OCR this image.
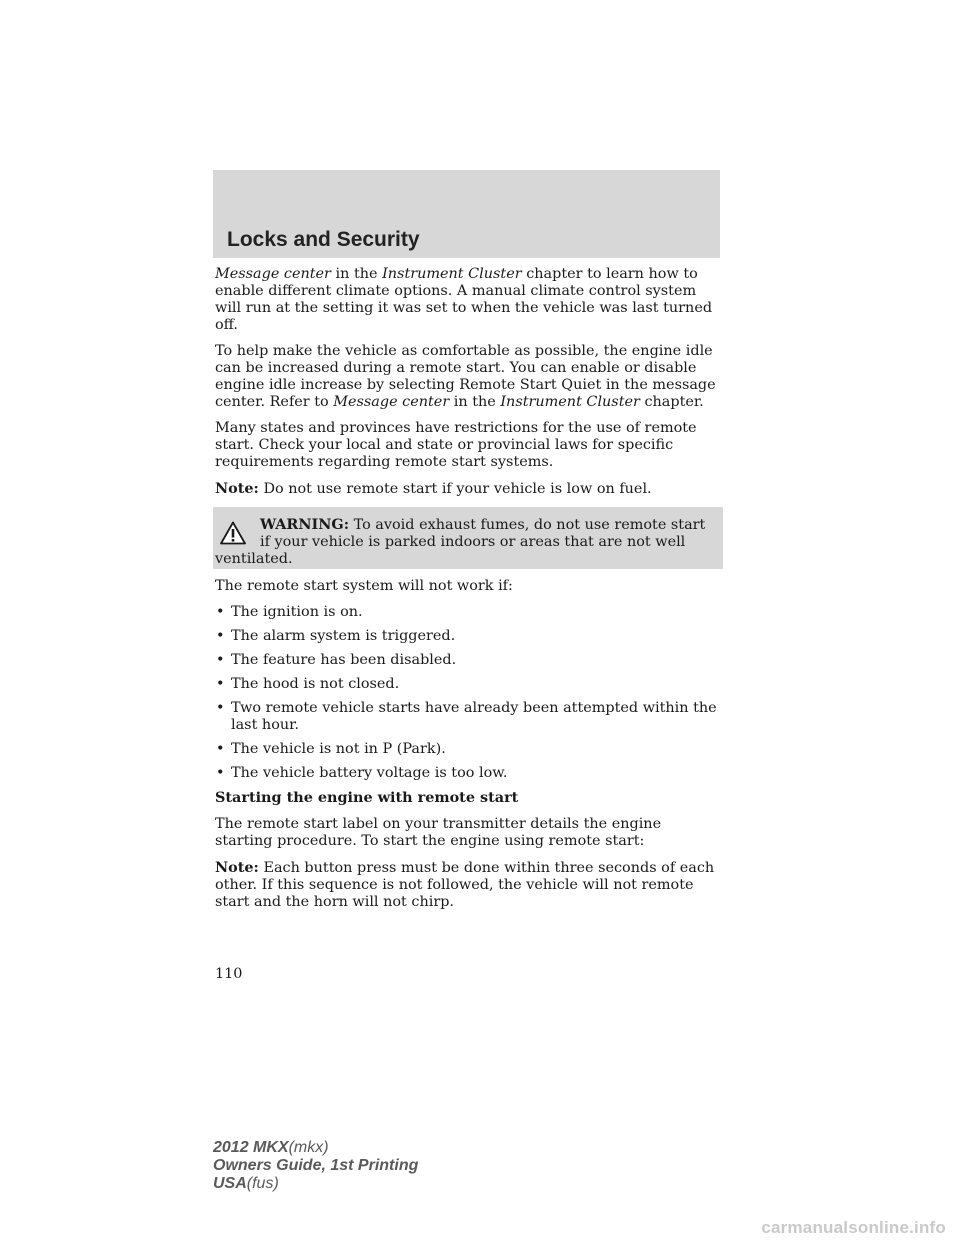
Locks and Security

Message center in the Instrument Cluster chapter to learn how to enable different climate options. A manual climate control system will run at the setting it was set to when the vehicle was last turned off.

To help make the vehicle as comfortable as possible, the engine idle can be increased during a remote start. You can enable or disable engine idle increase by selecting Remote Start Quiet in the message center. Refer to Message center in the Instrument Cluster chapter.

Many states and provinces have restrictions for the use of remote start. Check your local and state or provincial laws for specific requirements regarding remote start systems.

Note: Do not use remote start if your vehicle is low on fuel.

WARNING: To avoid exhaust fumes, do not use remote start if your vehicle is parked indoors or areas that are not well
ventilated.

The remote start system will not work if:

• The ignition is on.
• The alarm system is triggered.
• The feature has been disabled.
• The hood is not closed.
• Two remote vehicle starts have already been attempted within the last hour.
• The vehicle is not in P (Park).
• The vehicle battery voltage is too low.

Starting the engine with remote start

The remote start label on your transmitter details the engine starting procedure. To start the engine using remote start:

Note: Each button press must be done within three seconds of each other. If this sequence is not followed, the vehicle will not remote start and the horn will not chirp.

110
2012 MKX(mkx)
Owners Guide, 1st Printing
USA(fus)
carmanualsonline.info
